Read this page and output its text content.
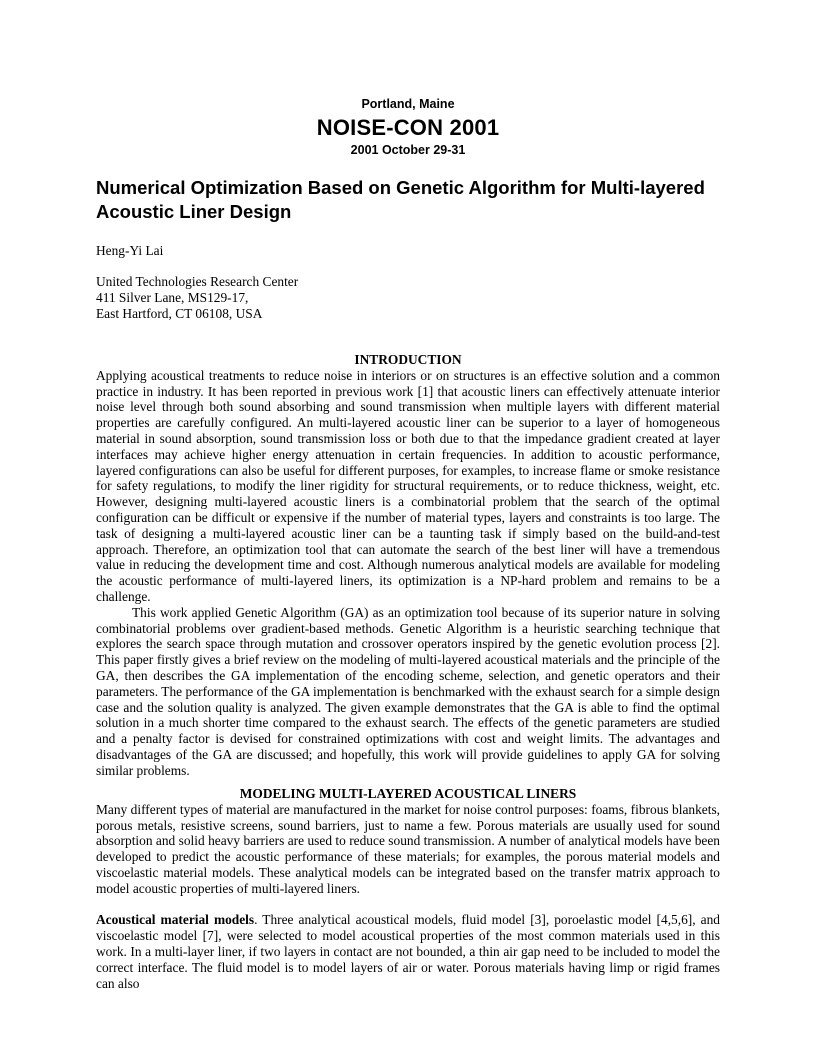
Portland, Maine
NOISE-CON 2001
2001 October 29-31
Numerical Optimization Based on Genetic Algorithm for Multi-layered Acoustic Liner Design
Heng-Yi Lai
United Technologies Research Center
411 Silver Lane, MS129-17,
East Hartford, CT 06108, USA
INTRODUCTION

Applying acoustical treatments to reduce noise in interiors or on structures is an effective solution and a common practice in industry. It has been reported in previous work [1] that acoustic liners can effectively attenuate interior noise level through both sound absorbing and sound transmission when multiple layers with different material properties are carefully configured. An multi-layered acoustic liner can be superior to a layer of homogeneous material in sound absorption, sound transmission loss or both due to that the impedance gradient created at layer interfaces may achieve higher energy attenuation in certain frequencies. In addition to acoustic performance, layered configurations can also be useful for different purposes, for examples, to increase flame or smoke resistance for safety regulations, to modify the liner rigidity for structural requirements, or to reduce thickness, weight, etc. However, designing multi-layered acoustic liners is a combinatorial problem that the search of the optimal configuration can be difficult or expensive if the number of material types, layers and constraints is too large. The task of designing a multi-layered acoustic liner can be a taunting task if simply based on the build-and-test approach. Therefore, an optimization tool that can automate the search of the best liner will have a tremendous value in reducing the development time and cost. Although numerous analytical models are available for modeling the acoustic performance of multi-layered liners, its optimization is a NP-hard problem and remains to be a challenge.

This work applied Genetic Algorithm (GA) as an optimization tool because of its superior nature in solving combinatorial problems over gradient-based methods. Genetic Algorithm is a heuristic searching technique that explores the search space through mutation and crossover operators inspired by the genetic evolution process [2]. This paper firstly gives a brief review on the modeling of multi-layered acoustical materials and the principle of the GA, then describes the GA implementation of the encoding scheme, selection, and genetic operators and their parameters. The performance of the GA implementation is benchmarked with the exhaust search for a simple design case and the solution quality is analyzed. The given example demonstrates that the GA is able to find the optimal solution in a much shorter time compared to the exhaust search. The effects of the genetic parameters are studied and a penalty factor is devised for constrained optimizations with cost and weight limits. The advantages and disadvantages of the GA are discussed; and hopefully, this work will provide guidelines to apply GA for solving similar problems.

MODELING MULTI-LAYERED ACOUSTICAL LINERS

Many different types of material are manufactured in the market for noise control purposes: foams, fibrous blankets, porous metals, resistive screens, sound barriers, just to name a few. Porous materials are usually used for sound absorption and solid heavy barriers are used to reduce sound transmission. A number of analytical models have been developed to predict the acoustic performance of these materials; for examples, the porous material models and viscoelastic material models. These analytical models can be integrated based on the transfer matrix approach to model acoustic properties of multi-layered liners.

Acoustical material models. Three analytical acoustical models, fluid model [3], poroelastic model [4,5,6], and viscoelastic model [7], were selected to model acoustical properties of the most common materials used in this work. In a multi-layer liner, if two layers in contact are not bounded, a thin air gap need to be included to model the correct interface. The fluid model is to model layers of air or water. Porous materials having limp or rigid frames can also
